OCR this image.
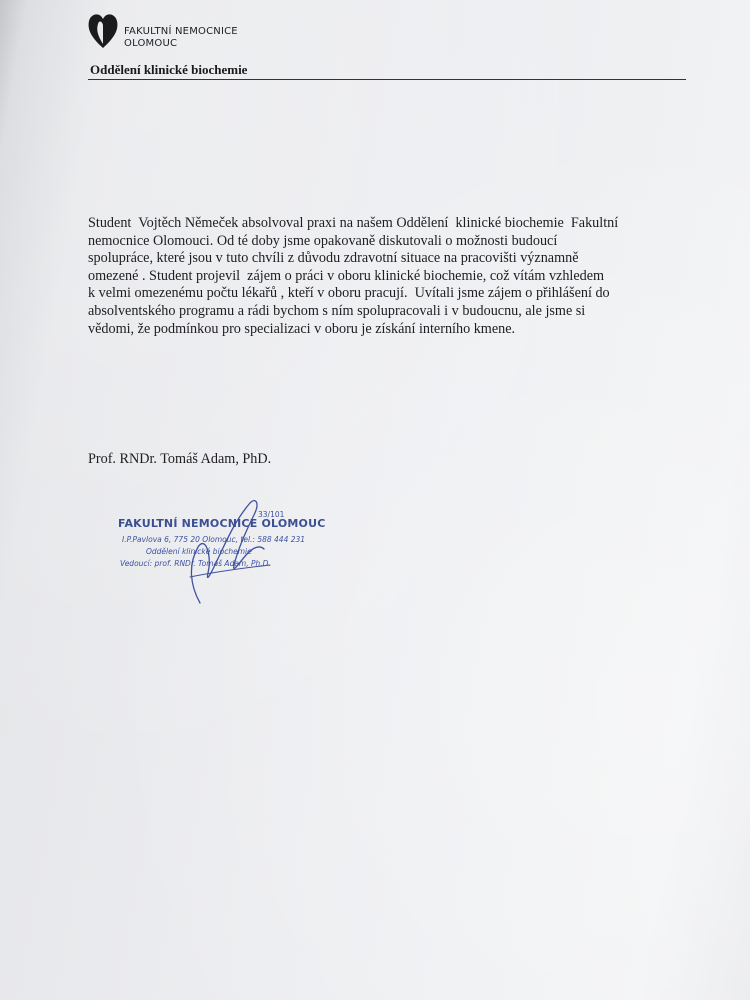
FAKULTNÍ NEMOCNICE
OLOMOUC
Oddělení klinické biochemie
Student  Vojtěch Němeček absolvoval praxi na našem Oddělení  klinické biochemie  Fakultní
nemocnice Olomouci. Od té doby jsme opakovaně diskutovali o možnosti budoucí
spolupráce, které jsou v tuto chvíli z důvodu zdravotní situace na pracovišti významně
omezené . Student projevil  zájem o práci v oboru klinické biochemie, což vítám vzhledem
k velmi omezenému počtu lékařů , kteří v oboru pracují.  Uvítali jsme zájem o přihlášení do
absolventského programu a rádi bychom s ním spolupracovali i v budoucnu, ale jsme si
vědomi, že podmínkou pro specializaci v oboru je získání interního kmene.
Prof. RNDr. Tomáš Adam, PhD.
33/101
FAKULTNÍ NEMOCNICE OLOMOUC
I.P.Pavlova 6, 775 20 Olomouc, tel.: 588 444 231
Oddělení klinické biochemie
Vedoucí: prof. RNDr. Tomáš Adam, Ph.D.
